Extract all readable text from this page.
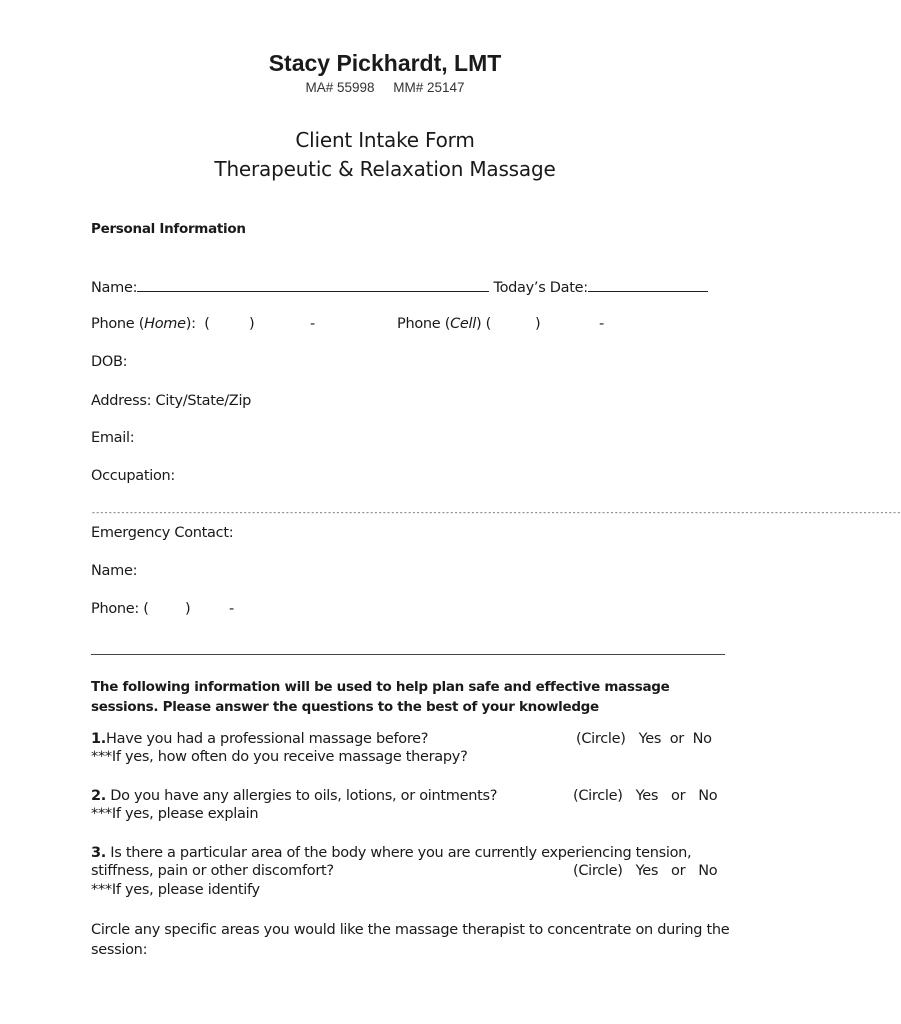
Stacy Pickhardt, LMT
MA# 55998     MM# 25147
Client Intake Form
Therapeutic & Relaxation Massage
Personal Information
Name:	Today’s Date:
Phone (Home):  (	)	-	Phone (Cell) (	)	-
DOB:
Address: City/State/Zip
Email:
Occupation:
------------------------------------------------------------------------------------------------------------------------------------------------------------------------------------------------
Emergency Contact:
Name:
Phone: (	)	-
The following information will be used to help plan safe and effective massage sessions. Please answer the questions to the best of your knowledge
1.Have you had a professional massage before?	(Circle) Yes or No
***If yes, how often do you receive massage therapy?
2. Do you have any allergies to oils, lotions, or ointments?	(Circle) Yes or No
***If yes, please explain
3. Is there a particular area of the body where you are currently experiencing tension,
stiffness, pain or other discomfort?	(Circle) Yes or No
***If yes, please identify
Circle any specific areas you would like the massage therapist to concentrate on during the session:
